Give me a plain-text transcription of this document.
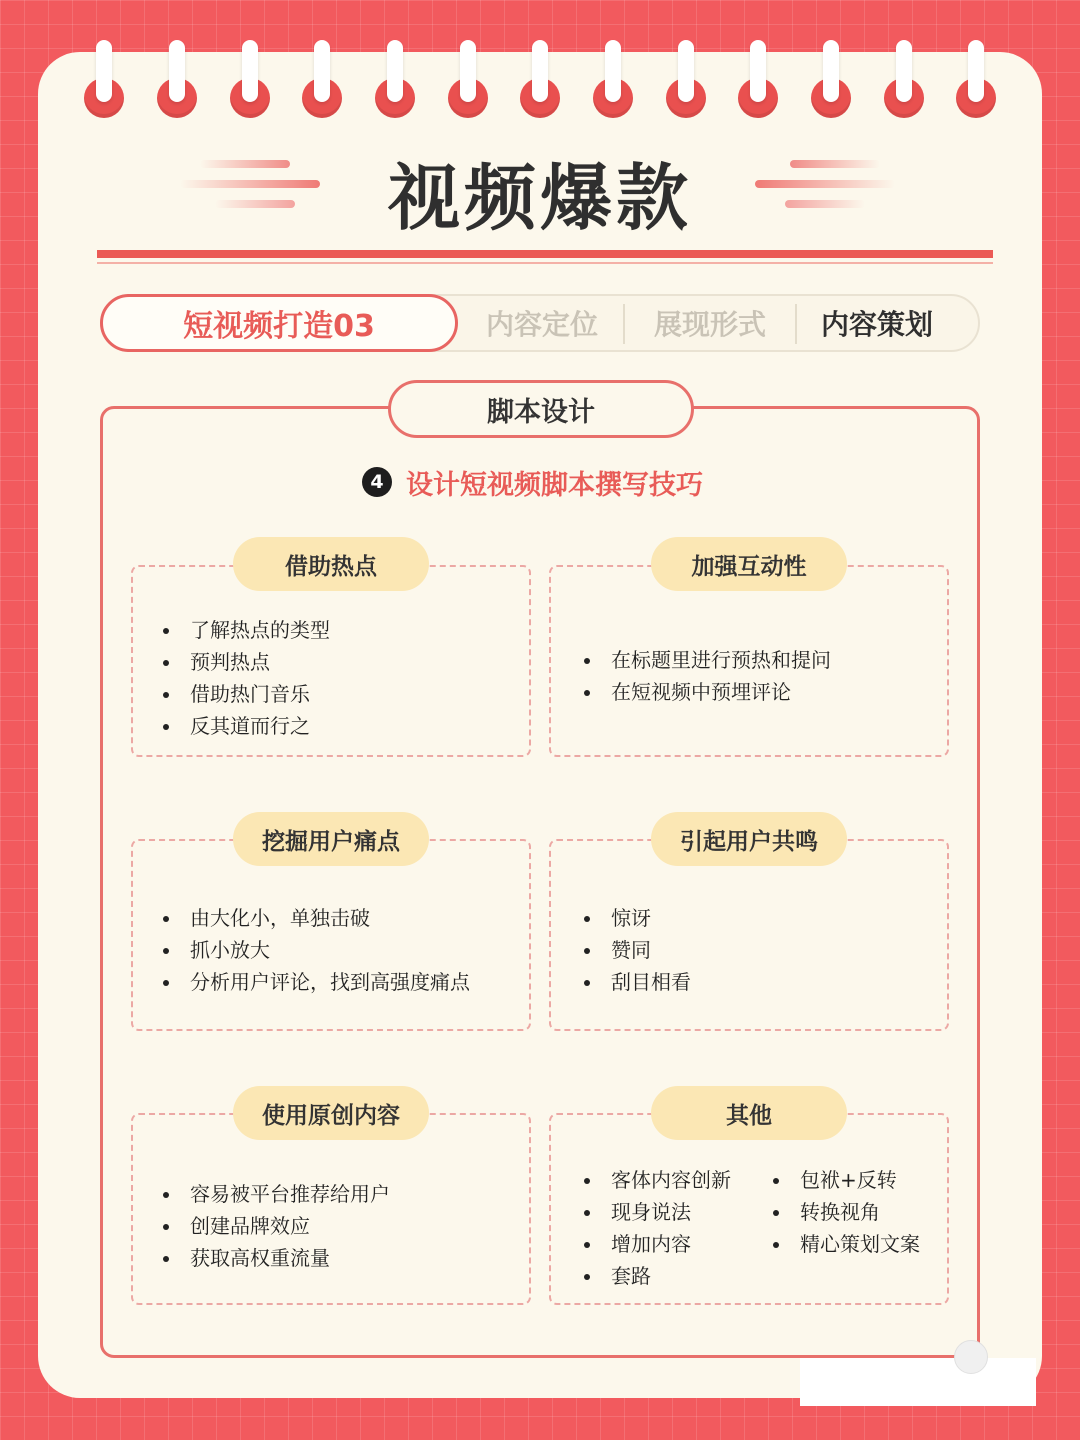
视频爆款
短视频打造03	内容定位	展现形式	内容策划
脚本设计
4 设计短视频脚本撰写技巧
借助热点
了解热点的类型
预判热点
借助热门音乐
反其道而行之
加强互动性
在标题里进行预热和提问
在短视频中预埋评论
挖掘用户痛点
由大化小，单独击破
抓小放大
分析用户评论，找到高强度痛点
引起用户共鸣
惊讶
赞同
刮目相看
使用原创内容
容易被平台推荐给用户
创建品牌效应
获取高权重流量
其他
客体内容创新
现身说法
增加内容
套路
包袱+反转
转换视角
精心策划文案
